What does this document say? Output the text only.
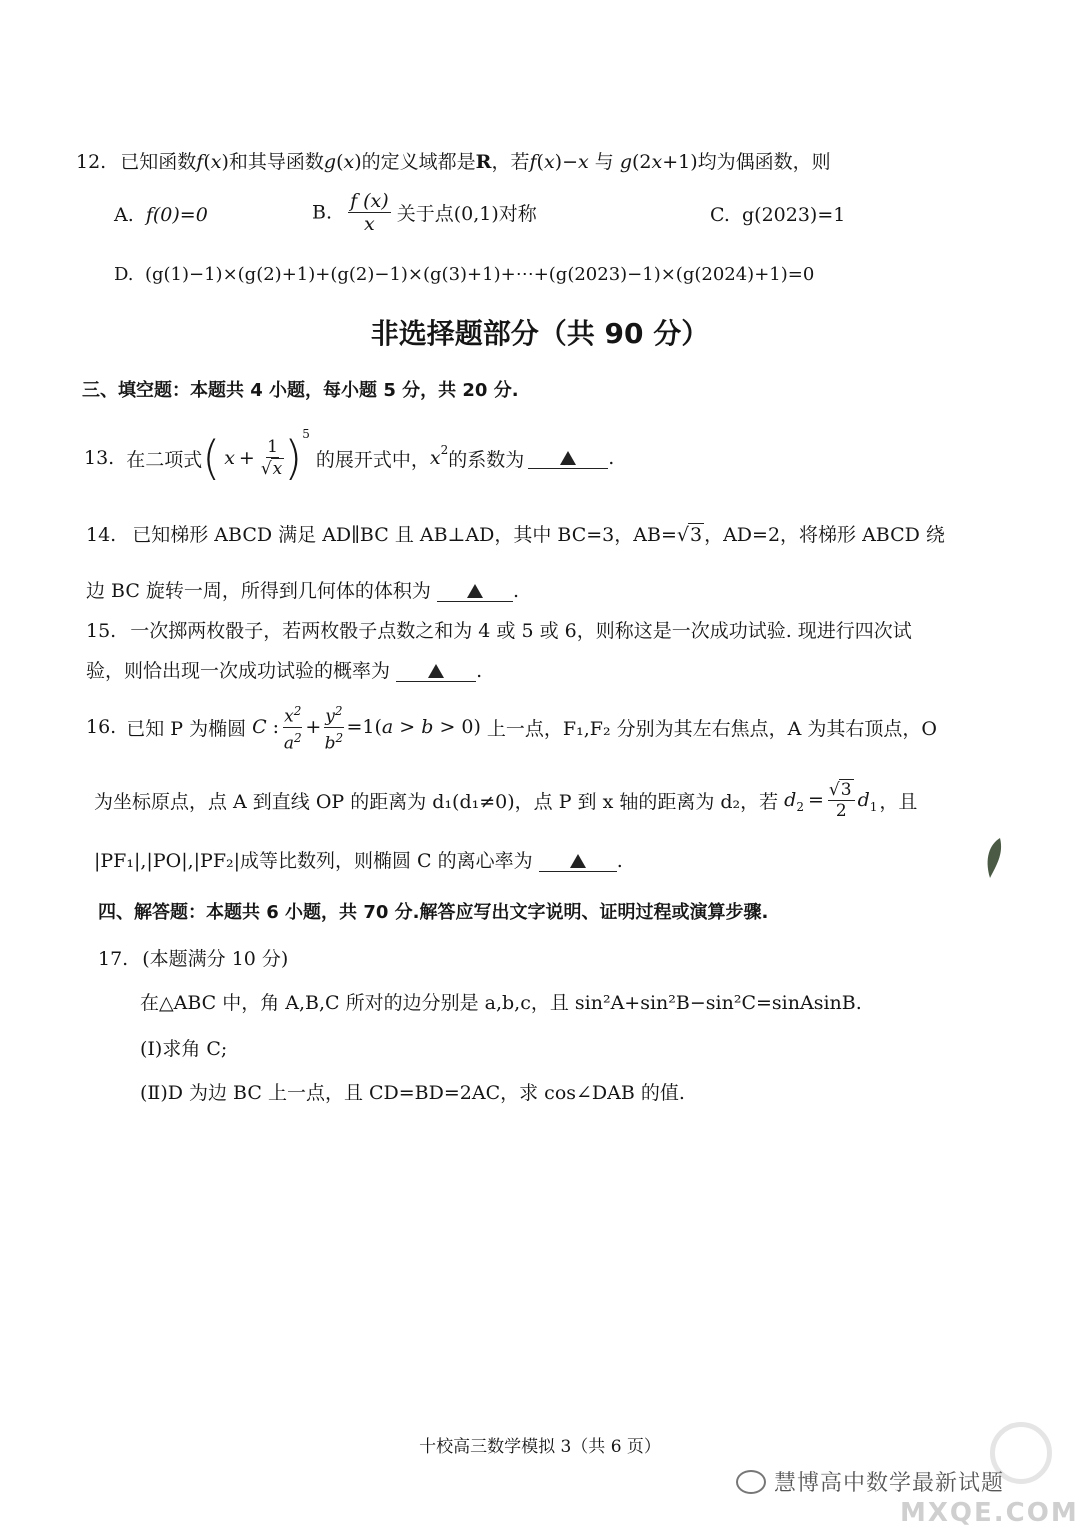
12. 已知函数f(x)和其导函数g(x)的定义域都是R，若f(x)−x 与 g(2x+1)均为偶函数，则
A. f(0)=0	B. $\frac{f (x)}{x}$ 关于点(0,1)对称	C. g(2023)=1
D. (g(1)−1)×(g(2)+1)+(g(2)−1)×(g(3)+1)+⋯+(g(2023)−1)×(g(2024)+1)=0
非选择题部分（共 90 分）
三、填空题：本题共 4 小题，每小题 5 分，共 20 分.
13. 在二项式 ( x + 1
√x )$^5$
的展开式中， $x^2$ 的系数为	.
14. 已知梯形 ABCD 满足 AD∥BC 且 AB⊥AD，其中 BC=3，AB=√3 ，AD=2，将梯形 ABCD 绕
边 BC 旋转一周，所得到几何体的体积为	.
15. 一次掷两枚骰子，若两枚骰子点数之和为 4 或 5 或 6，则称这是一次成功试验. 现进行四次试
验，则恰出现一次成功试验的概率为	.
16. 已知 P 为椭圆 C : $x^2$
$a^2 + \frac{y^2}{b^2} =1(a > b > 0)$ 上一点，F₁,F₂ 分别为其左右焦点，A 为其右顶点，O
为坐标原点，点 A 到直线 OP 的距离为 d₁(d₁≠0)，点 P 到 x 轴的距离为 d₂，若 $d_2 = \frac{√3}{2} d_1$ ，且
|PF₁|,|PO|,|PF₂|成等比数列，则椭圆 C 的离心率为	.
四、解答题：本题共 6 小题，共 70 分.解答应写出文字说明、证明过程或演算步骤.
17. (本题满分 10 分)
在△ABC 中，角 A,B,C 所对的边分别是 a,b,c，且 sin²A+sin²B−sin²C=sinAsinB.
(Ⅰ)求角 C;
(Ⅱ)D 为边 BC 上一点，且 CD=BD=2AC，求 cos∠DAB 的值.
十校高三数学模拟 3（共 6 页）
慧博高中数学最新试题
MXQE.COM
